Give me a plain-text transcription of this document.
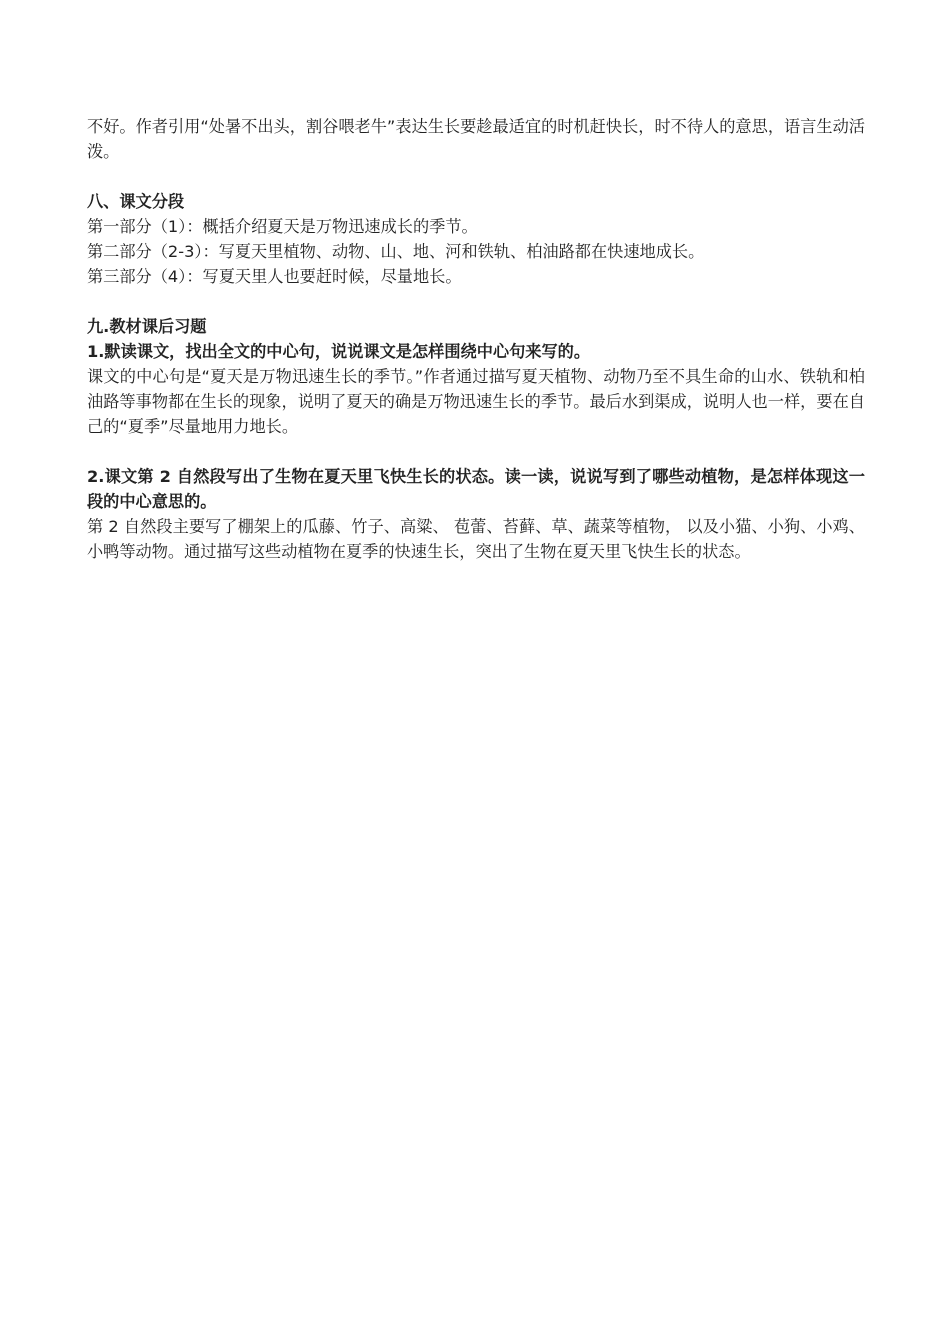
不好。作者引用“处暑不出头，割谷喂老牛”表达生长要趁最适宜的时机赶快长，时不待人的意思，语言生动活泼。

八、课文分段

第一部分（1）：概括介绍夏天是万物迅速成长的季节。

第二部分（2-3）：写夏天里植物、动物、山、地、河和铁轨、柏油路都在快速地成长。

第三部分（4）：写夏天里人也要赶时候，尽量地长。

九.教材课后习题

1.默读课文，找出全文的中心句，说说课文是怎样围绕中心句来写的。

课文的中心句是“夏天是万物迅速生长的季节。”作者通过描写夏天植物、动物乃至不具生命的山水、铁轨和柏油路等事物都在生长的现象，说明了夏天的确是万物迅速生长的季节。最后水到渠成，说明人也一样，要在自己的“夏季”尽量地用力地长。

2.课文第 2 自然段写出了生物在夏天里飞快生长的状态。读一读，说说写到了哪些动植物，是怎样体现这一段的中心意思的。

第 2 自然段主要写了棚架上的瓜藤、竹子、高粱、 苞蕾、苔藓、草、蔬菜等植物， 以及小猫、小狗、小鸡、小鸭等动物。通过描写这些动植物在夏季的快速生长，突出了生物在夏天里飞快生长的状态。
